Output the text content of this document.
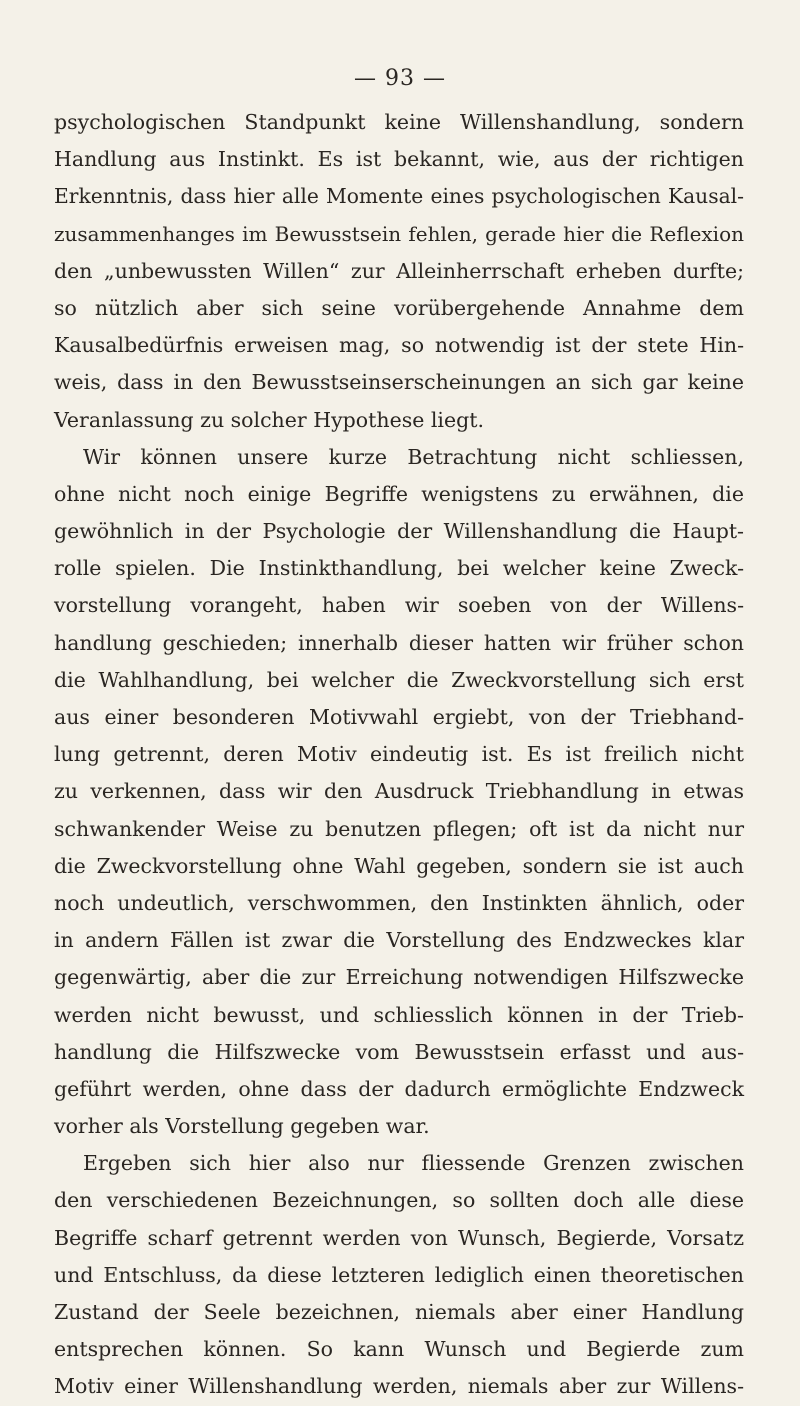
— 93 —
psychologischen Standpunkt keine Willenshandlung, sondern
Handlung aus Instinkt. Es ist bekannt, wie, aus der richtigen
Erkenntnis, dass hier alle Momente eines psychologischen Kausal-
zusammenhanges im Bewusstsein fehlen, gerade hier die Reflexion
den „unbewussten Willen“ zur Alleinherrschaft erheben durfte;
so nützlich aber sich seine vorübergehende Annahme dem
Kausalbedürfnis erweisen mag, so notwendig ist der stete Hin-
weis, dass in den Bewusstseinserscheinungen an sich gar keine
Veranlassung zu solcher Hypothese liegt.
Wir können unsere kurze Betrachtung nicht schliessen,
ohne nicht noch einige Begriffe wenigstens zu erwähnen, die
gewöhnlich in der Psychologie der Willenshandlung die Haupt-
rolle spielen. Die Instinkthandlung, bei welcher keine Zweck-
vorstellung vorangeht, haben wir soeben von der Willens-
handlung geschieden; innerhalb dieser hatten wir früher schon
die Wahlhandlung, bei welcher die Zweckvorstellung sich erst
aus einer besonderen Motivwahl ergiebt, von der Triebhand-
lung getrennt, deren Motiv eindeutig ist. Es ist freilich nicht
zu verkennen, dass wir den Ausdruck Triebhandlung in etwas
schwankender Weise zu benutzen pflegen; oft ist da nicht nur
die Zweckvorstellung ohne Wahl gegeben, sondern sie ist auch
noch undeutlich, verschwommen, den Instinkten ähnlich, oder
in andern Fällen ist zwar die Vorstellung des Endzweckes klar
gegenwärtig, aber die zur Erreichung notwendigen Hilfszwecke
werden nicht bewusst, und schliesslich können in der Trieb-
handlung die Hilfszwecke vom Bewusstsein erfasst und aus-
geführt werden, ohne dass der dadurch ermöglichte Endzweck
vorher als Vorstellung gegeben war.
Ergeben sich hier also nur fliessende Grenzen zwischen
den verschiedenen Bezeichnungen, so sollten doch alle diese
Begriffe scharf getrennt werden von Wunsch, Begierde, Vorsatz
und Entschluss, da diese letzteren lediglich einen theoretischen
Zustand der Seele bezeichnen, niemals aber einer Handlung
entsprechen können. So kann Wunsch und Begierde zum
Motiv einer Willenshandlung werden, niemals aber zur Willens-
